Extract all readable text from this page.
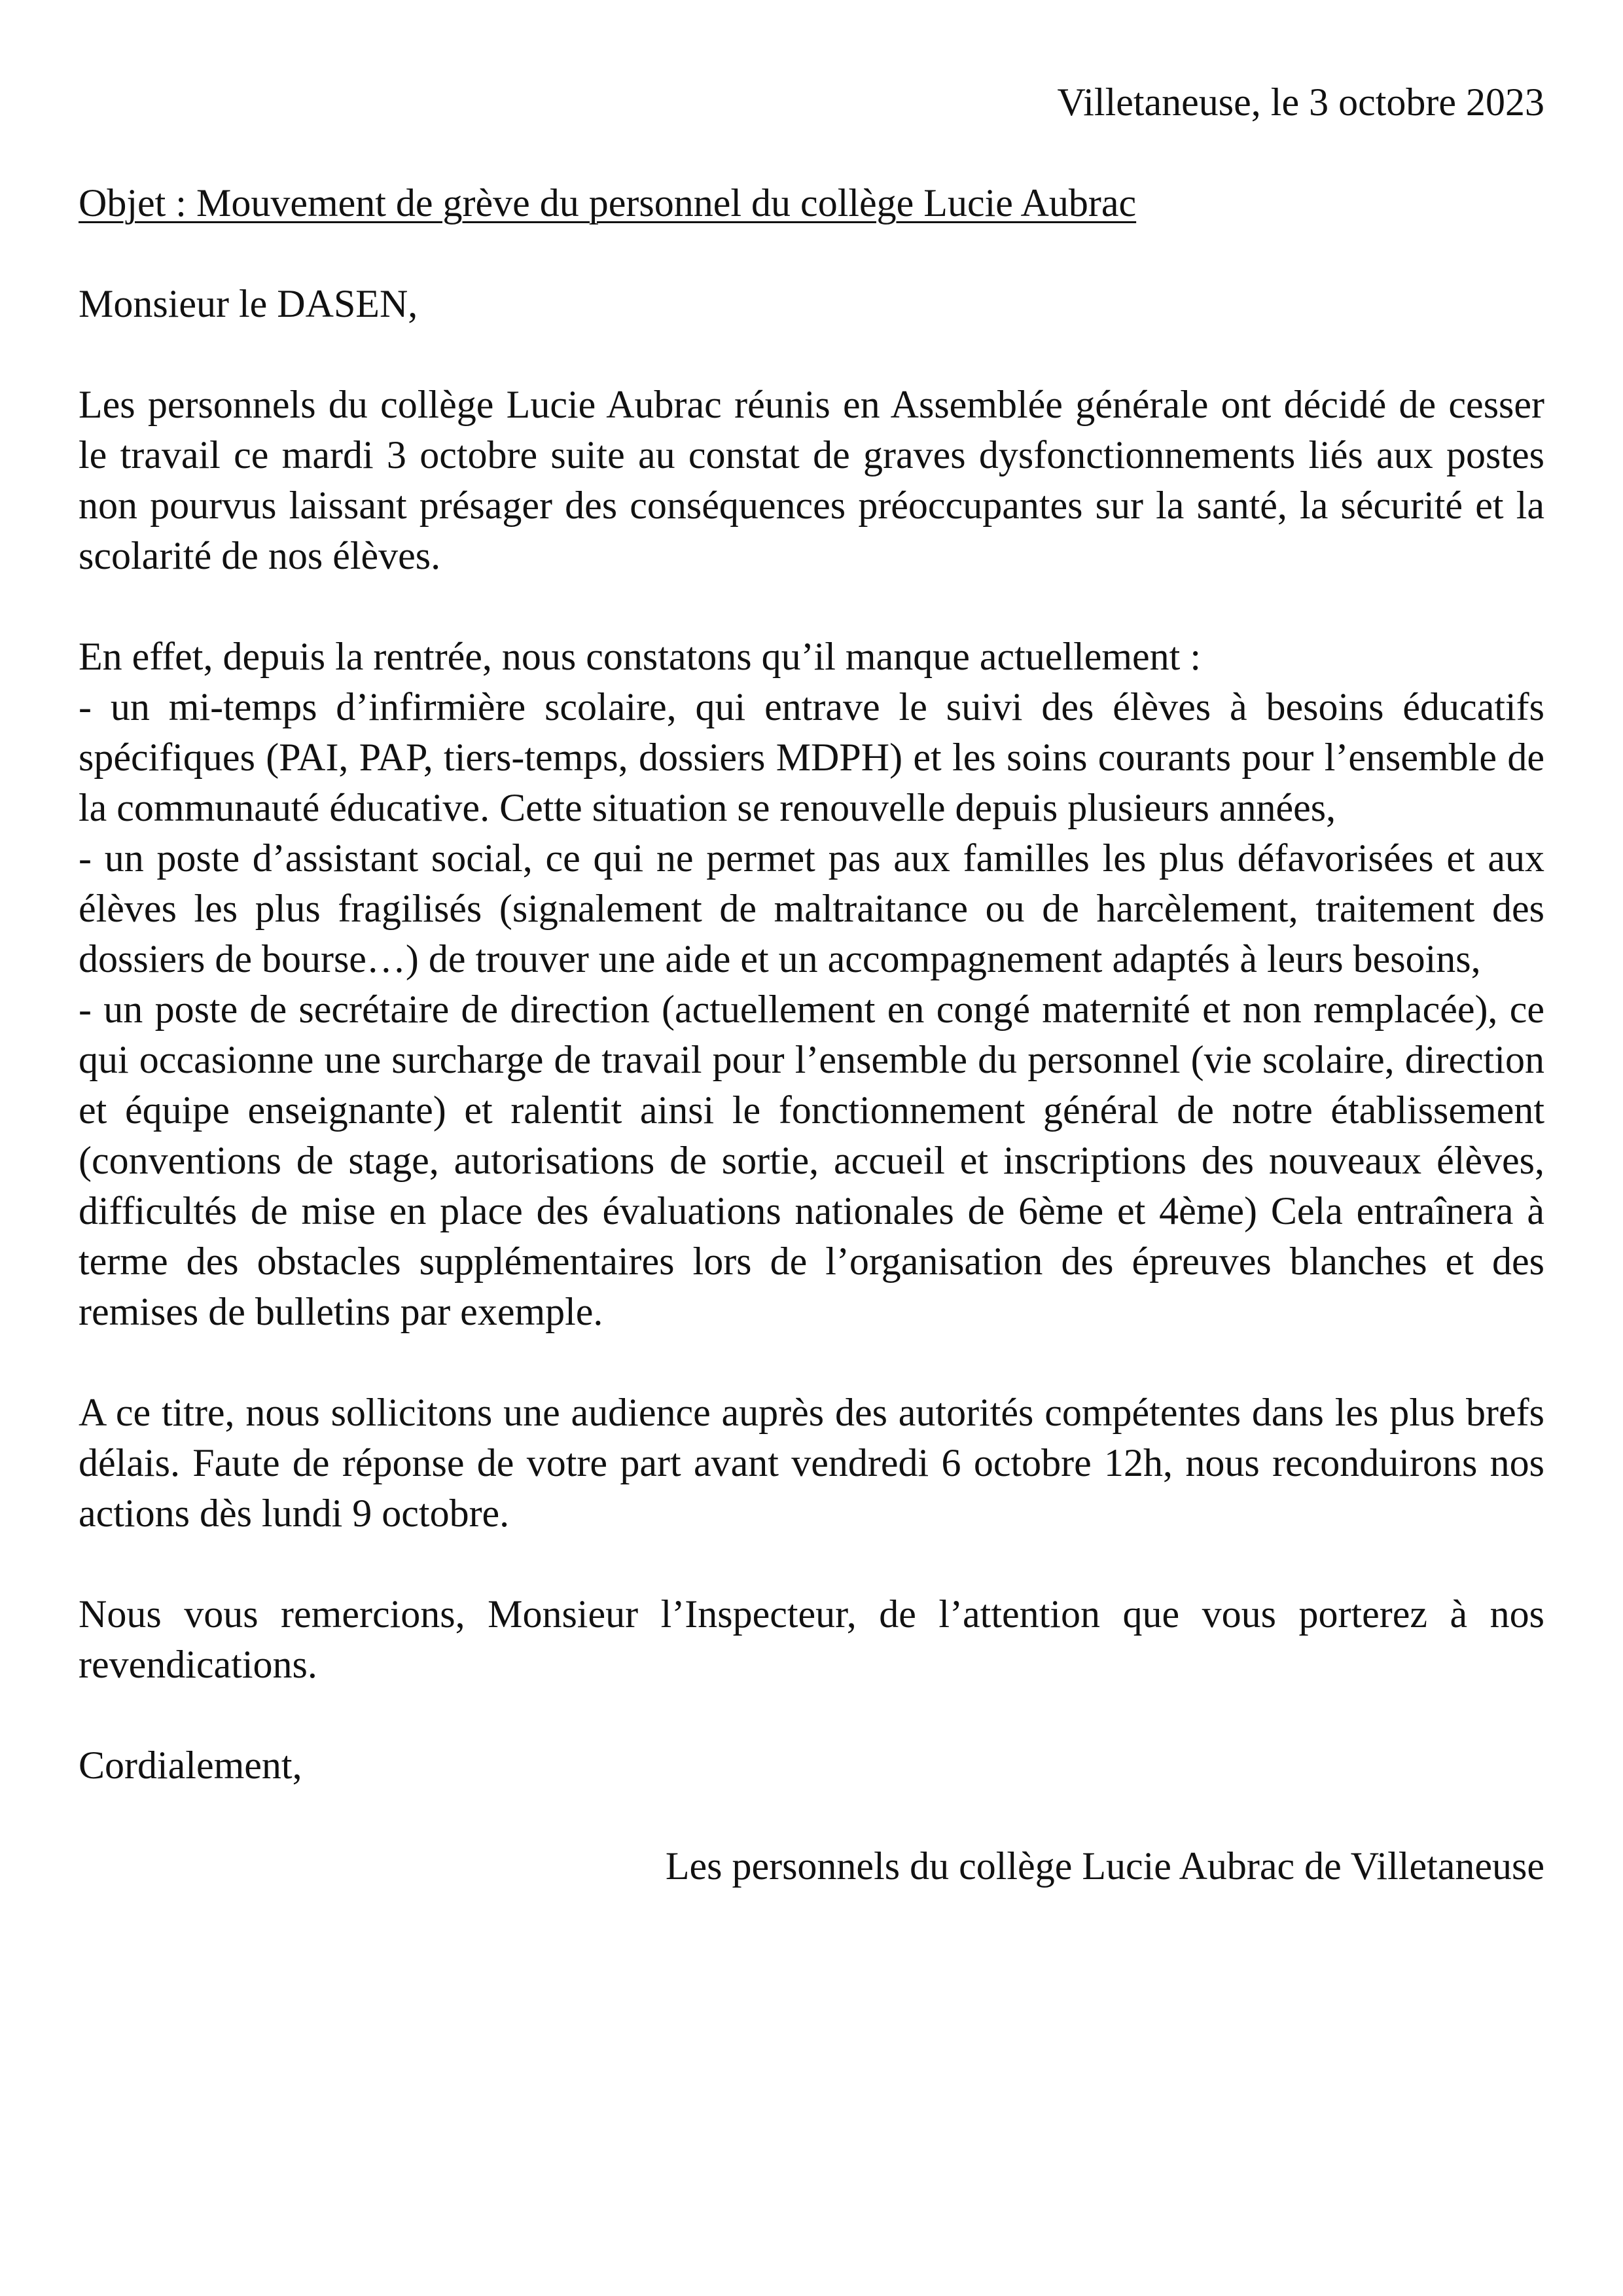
Villetaneuse, le 3 octobre 2023

Objet : Mouvement de grève du personnel du collège Lucie Aubrac

Monsieur le DASEN,

Les personnels du collège Lucie Aubrac réunis en Assemblée générale ont décidé de cesser le travail ce mardi 3 octobre suite au constat de graves dysfonctionnements liés aux postes non pourvus laissant présager des conséquences préoccupantes sur la santé, la sécurité et la scolarité de nos élèves.

En effet, depuis la rentrée, nous constatons qu’il manque actuellement :

- un mi-temps d’infirmière scolaire, qui entrave le suivi des élèves à besoins éducatifs spécifiques (PAI, PAP, tiers-temps, dossiers MDPH) et les soins courants pour l’ensemble de la communauté éducative. Cette situation se renouvelle depuis plusieurs années,

- un poste d’assistant social, ce qui ne permet pas aux familles les plus défavorisées et aux élèves les plus fragilisés (signalement de maltraitance ou de harcèlement, traitement des dossiers de bourse…) de trouver une aide et un accompagnement adaptés à leurs besoins,

- un poste de secrétaire de direction (actuellement en congé maternité et non remplacée), ce qui occasionne une surcharge de travail pour l’ensemble du personnel (vie scolaire, direction et équipe enseignante) et ralentit ainsi le fonctionnement général de notre établissement (conventions de stage, autorisations de sortie, accueil et inscriptions des nouveaux élèves, difficultés de mise en place des évaluations nationales de 6ème et 4ème) Cela entraînera à terme des obstacles supplémentaires lors de l’organisation des épreuves blanches et des remises de bulletins par exemple.

A ce titre, nous sollicitons une audience auprès des autorités compétentes dans les plus brefs délais. Faute de réponse de votre part avant vendredi 6 octobre 12h, nous reconduirons nos actions dès lundi 9 octobre.

Nous vous remercions, Monsieur l’Inspecteur, de l’attention que vous porterez à nos revendications.

Cordialement,

Les personnels du collège Lucie Aubrac de Villetaneuse
